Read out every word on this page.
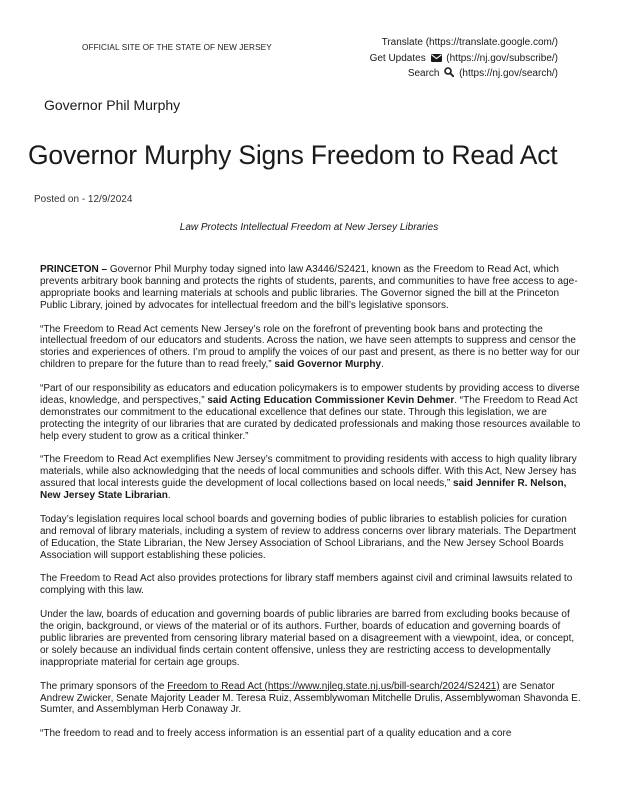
OFFICIAL SITE OF THE STATE OF NEW JERSEY	Translate (https://translate.google.com/)
Get Updates (https://nj.gov/subscribe/)
Search (https://nj.gov/search/)
Governor Phil Murphy
Governor Murphy Signs Freedom to Read Act
Posted on - 12/9/2024
Law Protects Intellectual Freedom at New Jersey Libraries

PRINCETON – Governor Phil Murphy today signed into law A3446/S2421, known as the Freedom to Read Act, which prevents arbitrary book banning and protects the rights of students, parents, and communities to have free access to age-appropriate books and learning materials at schools and public libraries. The Governor signed the bill at the Princeton Public Library, joined by advocates for intellectual freedom and the bill’s legislative sponsors.

“The Freedom to Read Act cements New Jersey’s role on the forefront of preventing book bans and protecting the intellectual freedom of our educators and students. Across the nation, we have seen attempts to suppress and censor the stories and experiences of others. I’m proud to amplify the voices of our past and present, as there is no better way for our children to prepare for the future than to read freely,” said Governor Murphy.

“Part of our responsibility as educators and education policymakers is to empower students by providing access to diverse ideas, knowledge, and perspectives,” said Acting Education Commissioner Kevin Dehmer. “The Freedom to Read Act demonstrates our commitment to the educational excellence that defines our state. Through this legislation, we are protecting the integrity of our libraries that are curated by dedicated professionals and making those resources available to help every student to grow as a critical thinker.”

“The Freedom to Read Act exemplifies New Jersey’s commitment to providing residents with access to high quality library materials, while also acknowledging that the needs of local communities and schools differ. With this Act, New Jersey has assured that local interests guide the development of local collections based on local needs,” said Jennifer R. Nelson, New Jersey State Librarian.

Today’s legislation requires local school boards and governing bodies of public libraries to establish policies for curation and removal of library materials, including a system of review to address concerns over library materials. The Department of Education, the State Librarian, the New Jersey Association of School Librarians, and the New Jersey School Boards Association will support establishing these policies.

The Freedom to Read Act also provides protections for library staff members against civil and criminal lawsuits related to complying with this law.

Under the law, boards of education and governing boards of public libraries are barred from excluding books because of the origin, background, or views of the material or of its authors. Further, boards of education and governing boards of public libraries are prevented from censoring library material based on a disagreement with a viewpoint, idea, or concept, or solely because an individual finds certain content offensive, unless they are restricting access to developmentally inappropriate material for certain age groups.

The primary sponsors of the Freedom to Read Act (https://www.njleg.state.nj.us/bill-search/2024/S2421) are Senator Andrew Zwicker, Senate Majority Leader M. Teresa Ruiz, Assemblywoman Mitchelle Drulis, Assemblywoman Shavonda E. Sumter, and Assemblyman Herb Conaway Jr.

“The freedom to read and to freely access information is an essential part of a quality education and a core
